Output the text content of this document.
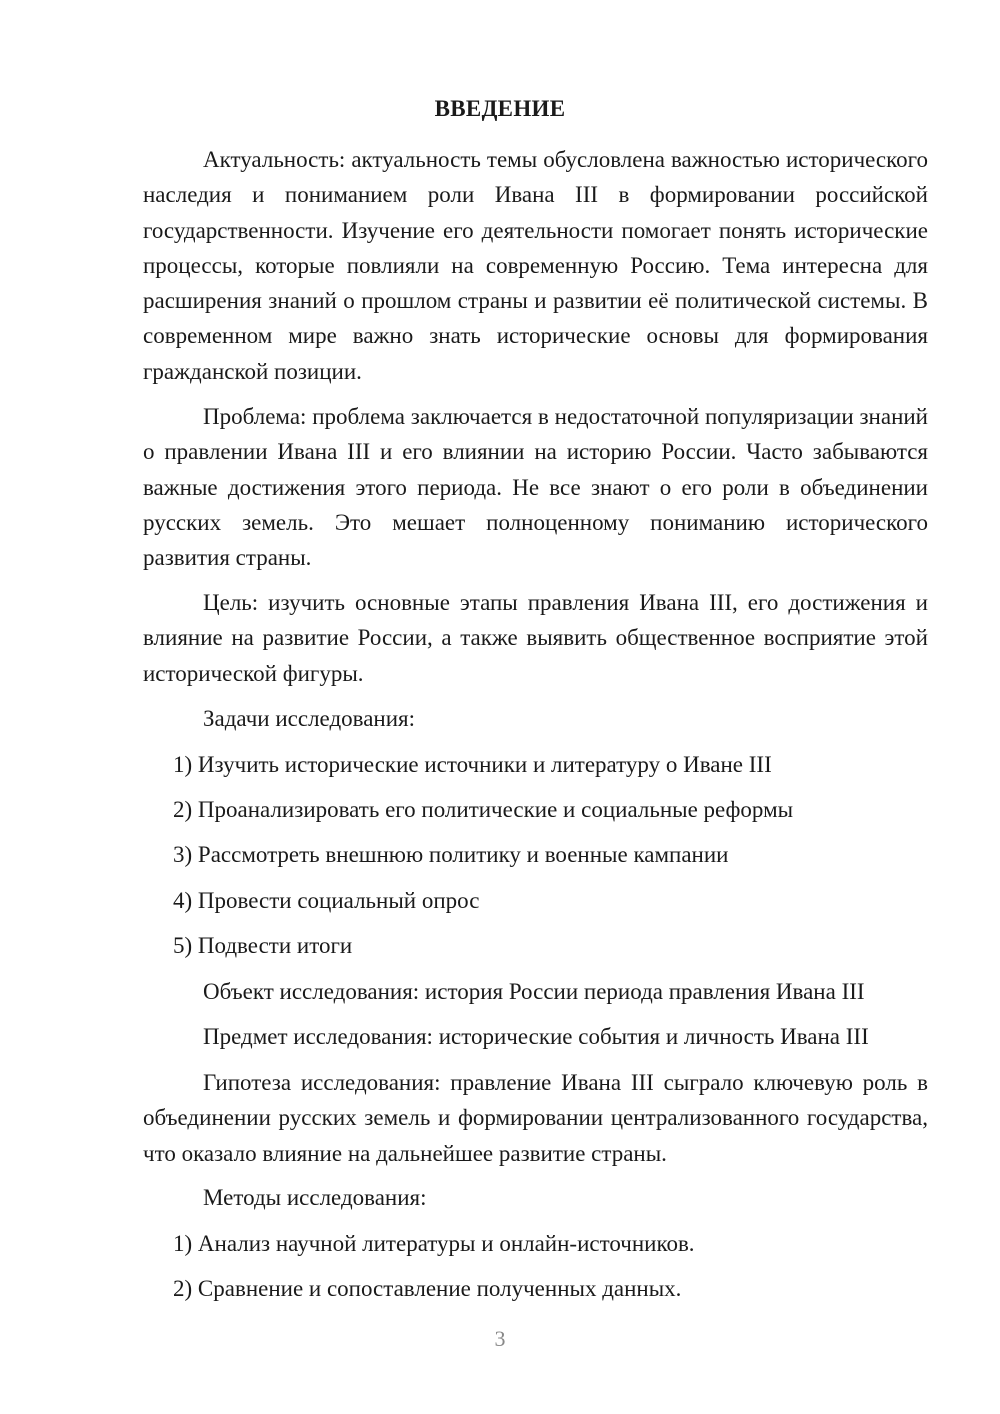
ВВЕДЕНИЕ

Актуальность: актуальность темы обусловлена важностью исторического наследия и пониманием роли Ивана III в формировании российской государственности. Изучение его деятельности помогает понять исторические процессы, которые повлияли на современную Россию. Тема интересна для расширения знаний о прошлом страны и развитии её политической системы. В современном мире важно знать исторические основы для формирования гражданской позиции.

Проблема: проблема заключается в недостаточной популяризации знаний о правлении Ивана III и его влиянии на историю России. Часто забываются важные достижения этого периода. Не все знают о его роли в объединении русских земель. Это мешает полноценному пониманию исторического развития страны.

Цель: изучить основные этапы правления Ивана III, его достижения и влияние на развитие России, а также выявить общественное восприятие этой исторической фигуры.

Задачи исследования:
1) Изучить исторические источники и литературу о Иване III
2) Проанализировать его политические и социальные реформы
3) Рассмотреть внешнюю политику и военные кампании
4) Провести социальный опрос
5) Подвести итоги
Объект исследования: история России периода правления Ивана III
Предмет исследования: исторические события и личность Ивана III

Гипотеза исследования: правление Ивана III сыграло ключевую роль в объединении русских земель и формировании централизованного государства, что оказало влияние на дальнейшее развитие страны.

Методы исследования:
1) Анализ научной литературы и онлайн-источников.
2) Сравнение и сопоставление полученных данных.
3
